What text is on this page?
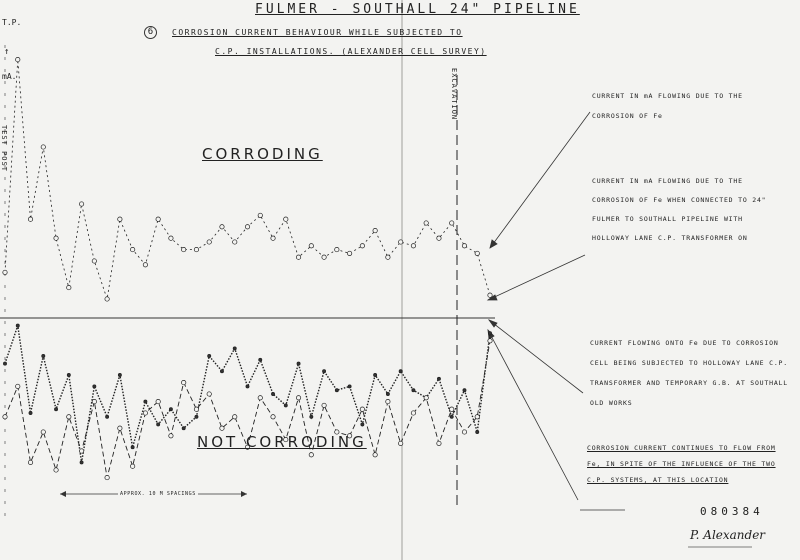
FULMER - SOUTHALL 24" PIPELINE
6	CORROSION CURRENT BEHAVIOUR WHILE SUBJECTED TO
C.P. INSTALLATIONS. (ALEXANDER CELL SURVEY)
T.P.
↑
mA.
TEST POST	CORRODING
NOT CORRODING
EXCAVATION
APPROX. 10 M SPACINGS
CURRENT IN mA FLOWING DUE TO THE CORROSION OF Fe
CURRENT IN mA FLOWING DUE TO THE CORROSION OF Fe WHEN CONNECTED TO 24" FULMER TO SOUTHALL PIPELINE WITH HOLLOWAY LANE C.P. TRANSFORMER ON
CURRENT FLOWING ONTO Fe DUE TO CORROSION CELL BEING SUBJECTED TO HOLLOWAY LANE C.P. TRANSFORMER AND TEMPORARY G.B. AT SOUTHALL OLD WORKS
CORROSION CURRENT CONTINUES TO FLOW FROM Fe, IN SPITE OF THE INFLUENCE OF THE TWO C.P. SYSTEMS, AT THIS LOCATION
080384
P. Alexander
